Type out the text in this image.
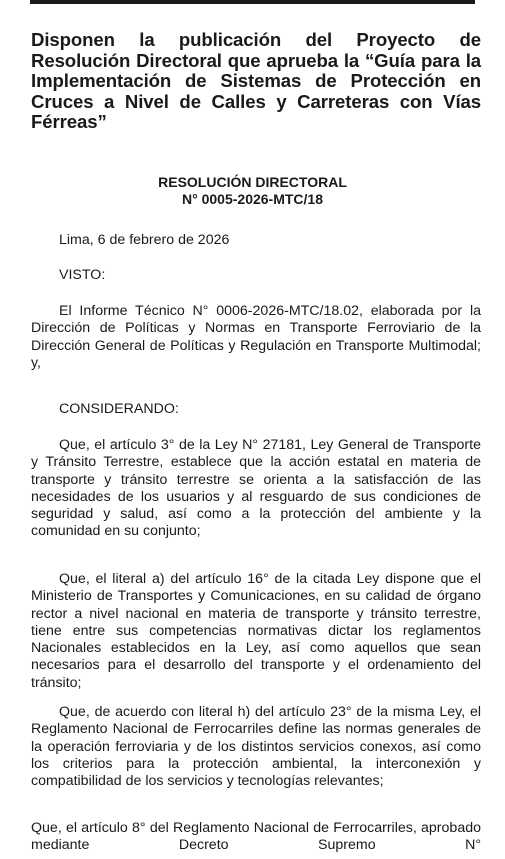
Disponen la publicación del Proyecto de Resolución Directoral que aprueba la “Guía para la Implementación de Sistemas de Protección en Cruces a Nivel de Calles y Carreteras con Vías Férreas”
RESOLUCIÓN DIRECTORAL
N° 0005-2026-MTC/18
Lima, 6 de febrero de 2026
VISTO:
El Informe Técnico N° 0006-2026-MTC/18.02, elaborada por la Dirección de Políticas y Normas en Transporte Ferroviario de la Dirección General de Políticas y Regulación en Transporte Multimodal; y,
CONSIDERANDO:
Que, el artículo 3° de la Ley N° 27181, Ley General de Transporte y Tránsito Terrestre, establece que la acción estatal en materia de transporte y tránsito terrestre se orienta a la satisfacción de las necesidades de los usuarios y al resguardo de sus condiciones de seguridad y salud, así como a la protección del ambiente y la comunidad en su conjunto;
Que, el literal a) del artículo 16° de la citada Ley dispone que el Ministerio de Transportes y Comunicaciones, en su calidad de órgano rector a nivel nacional en materia de transporte y tránsito terrestre, tiene entre sus competencias normativas dictar los reglamentos Nacionales establecidos en la Ley, así como aquellos que sean necesarios para el desarrollo del transporte y el ordenamiento del tránsito;
Que, de acuerdo con literal h) del artículo 23° de la misma Ley, el Reglamento Nacional de Ferrocarriles define las normas generales de la operación ferroviaria y de los distintos servicios conexos, así como los criterios para la protección ambiental, la interconexión y compatibilidad de los servicios y tecnologías relevantes;
Que, el artículo 8° del Reglamento Nacional de Ferrocarriles, aprobado mediante Decreto Supremo N°
